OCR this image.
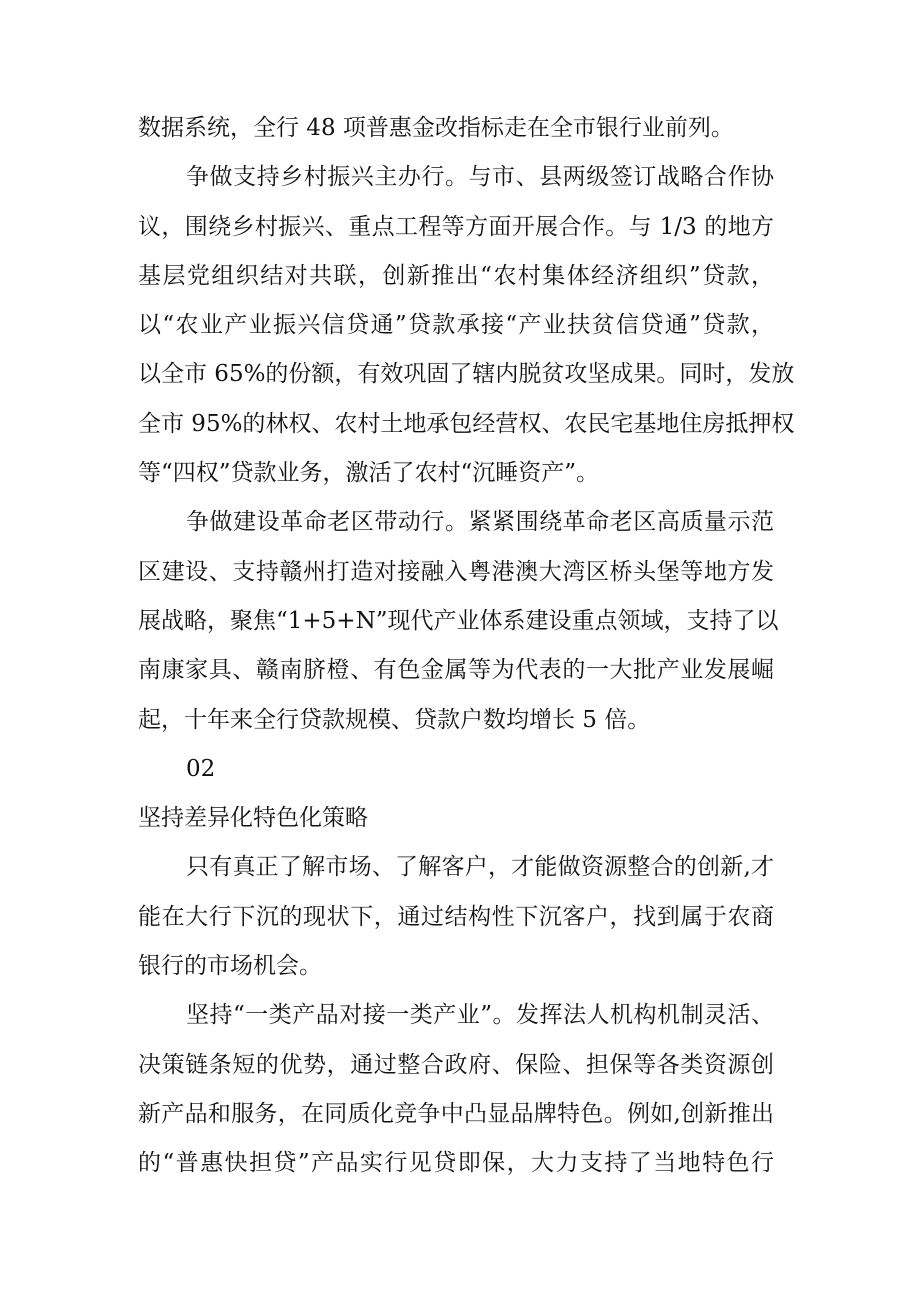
数据系统，全行 48 项普惠金改指标走在全市银行业前列。
争做支持乡村振兴主办行。与市、县两级签订战略合作协
议，围绕乡村振兴、重点工程等方面开展合作。与 1/3 的地方
基层党组织结对共联，创新推出“农村集体经济组织”贷款，
以“农业产业振兴信贷通”贷款承接“产业扶贫信贷通”贷款，
以全市 65%的份额，有效巩固了辖内脱贫攻坚成果。同时，发放
全市 95%的林权、农村土地承包经营权、农民宅基地住房抵押权
等“四权”贷款业务，激活了农村“沉睡资产”。
争做建设革命老区带动行。紧紧围绕革命老区高质量示范
区建设、支持赣州打造对接融入粤港澳大湾区桥头堡等地方发
展战略，聚焦“1+5+N”现代产业体系建设重点领域，支持了以
南康家具、赣南脐橙、有色金属等为代表的一大批产业发展崛
起，十年来全行贷款规模、贷款户数均增长 5 倍。
02
坚持差异化特色化策略
只有真正了解市场、了解客户，才能做资源整合的创新,才
能在大行下沉的现状下，通过结构性下沉客户，找到属于农商
银行的市场机会。
坚持“一类产品对接一类产业”。发挥法人机构机制灵活、
决策链条短的优势，通过整合政府、保险、担保等各类资源创
新产品和服务，在同质化竞争中凸显品牌特色。例如,创新推出
的“普惠快担贷”产品实行见贷即保，大力支持了当地特色行
